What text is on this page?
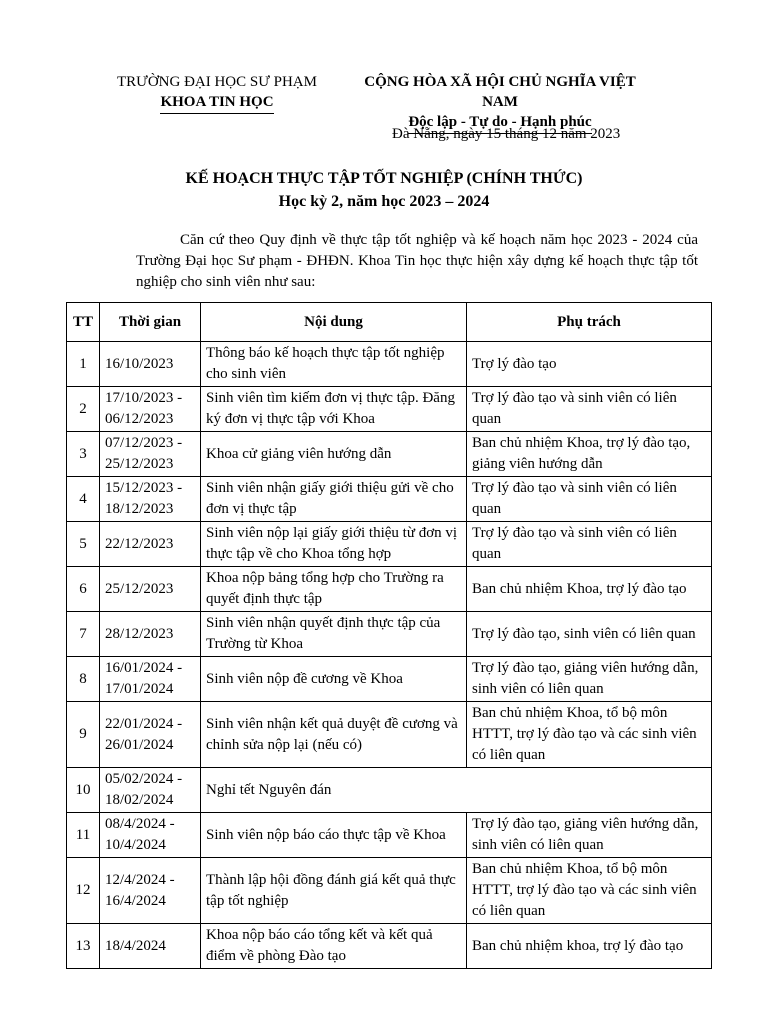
TRƯỜNG ĐẠI HỌC SƯ PHẠM
KHOA TIN HỌC
CỘNG HÒA XÃ HỘI CHỦ NGHĨA VIỆT NAM
Độc lập - Tự do - Hạnh phúc
Đà Nẵng, ngày 15 tháng 12 năm 2023
KẾ HOẠCH THỰC TẬP TỐT NGHIỆP (CHÍNH THỨC)
Học kỳ 2, năm học 2023 – 2024
Căn cứ theo Quy định về thực tập tốt nghiệp và kế hoạch năm học 2023 - 2024 của Trường Đại học Sư phạm - ĐHĐN. Khoa Tin học thực hiện xây dựng kế hoạch thực tập tốt nghiệp cho sinh viên như sau:
TT	Thời gian	Nội dung	Phụ trách
1	16/10/2023	Thông báo kế hoạch thực tập tốt nghiệp cho sinh viên	Trợ lý đào tạo
2	17/10/2023 - 06/12/2023	Sinh viên tìm kiếm đơn vị thực tập. Đăng ký đơn vị thực tập với Khoa	Trợ lý đào tạo và sinh viên có liên quan
3	07/12/2023 - 25/12/2023	Khoa cử giảng viên hướng dẫn	Ban chủ nhiệm Khoa, trợ lý đào tạo, giảng viên hướng dẫn
4	15/12/2023 - 18/12/2023	Sinh viên nhận giấy giới thiệu gửi về cho đơn vị thực tập	Trợ lý đào tạo và sinh viên có liên quan
5	22/12/2023	Sinh viên nộp lại giấy giới thiệu từ đơn vị thực tập về cho Khoa tổng hợp	Trợ lý đào tạo và sinh viên có liên quan
6	25/12/2023	Khoa nộp bảng tổng hợp cho Trường ra quyết định thực tập	Ban chủ nhiệm Khoa, trợ lý đào tạo
7	28/12/2023	Sinh viên nhận quyết định thực tập của Trường từ Khoa	Trợ lý đào tạo, sinh viên có liên quan
8	16/01/2024 - 17/01/2024	Sinh viên nộp đề cương về Khoa	Trợ lý đào tạo, giảng viên hướng dẫn, sinh viên có liên quan
9	22/01/2024 - 26/01/2024	Sinh viên nhận kết quả duyệt đề cương và chỉnh sửa nộp lại (nếu có)	Ban chủ nhiệm Khoa, tổ bộ môn HTTT, trợ lý đào tạo và các sinh viên có liên quan
10	05/02/2024 - 18/02/2024	Nghỉ tết Nguyên đán	
11	08/4/2024 - 10/4/2024	Sinh viên nộp báo cáo thực tập về Khoa	Trợ lý đào tạo, giảng viên hướng dẫn, sinh viên có liên quan
12	12/4/2024 - 16/4/2024	Thành lập hội đồng đánh giá kết quả thực tập tốt nghiệp	Ban chủ nhiệm Khoa, tổ bộ môn HTTT, trợ lý đào tạo và các sinh viên có liên quan
13	18/4/2024	Khoa nộp báo cáo tổng kết và kết quả điểm về phòng Đào tạo	Ban chủ nhiệm khoa, trợ lý đào tạo
